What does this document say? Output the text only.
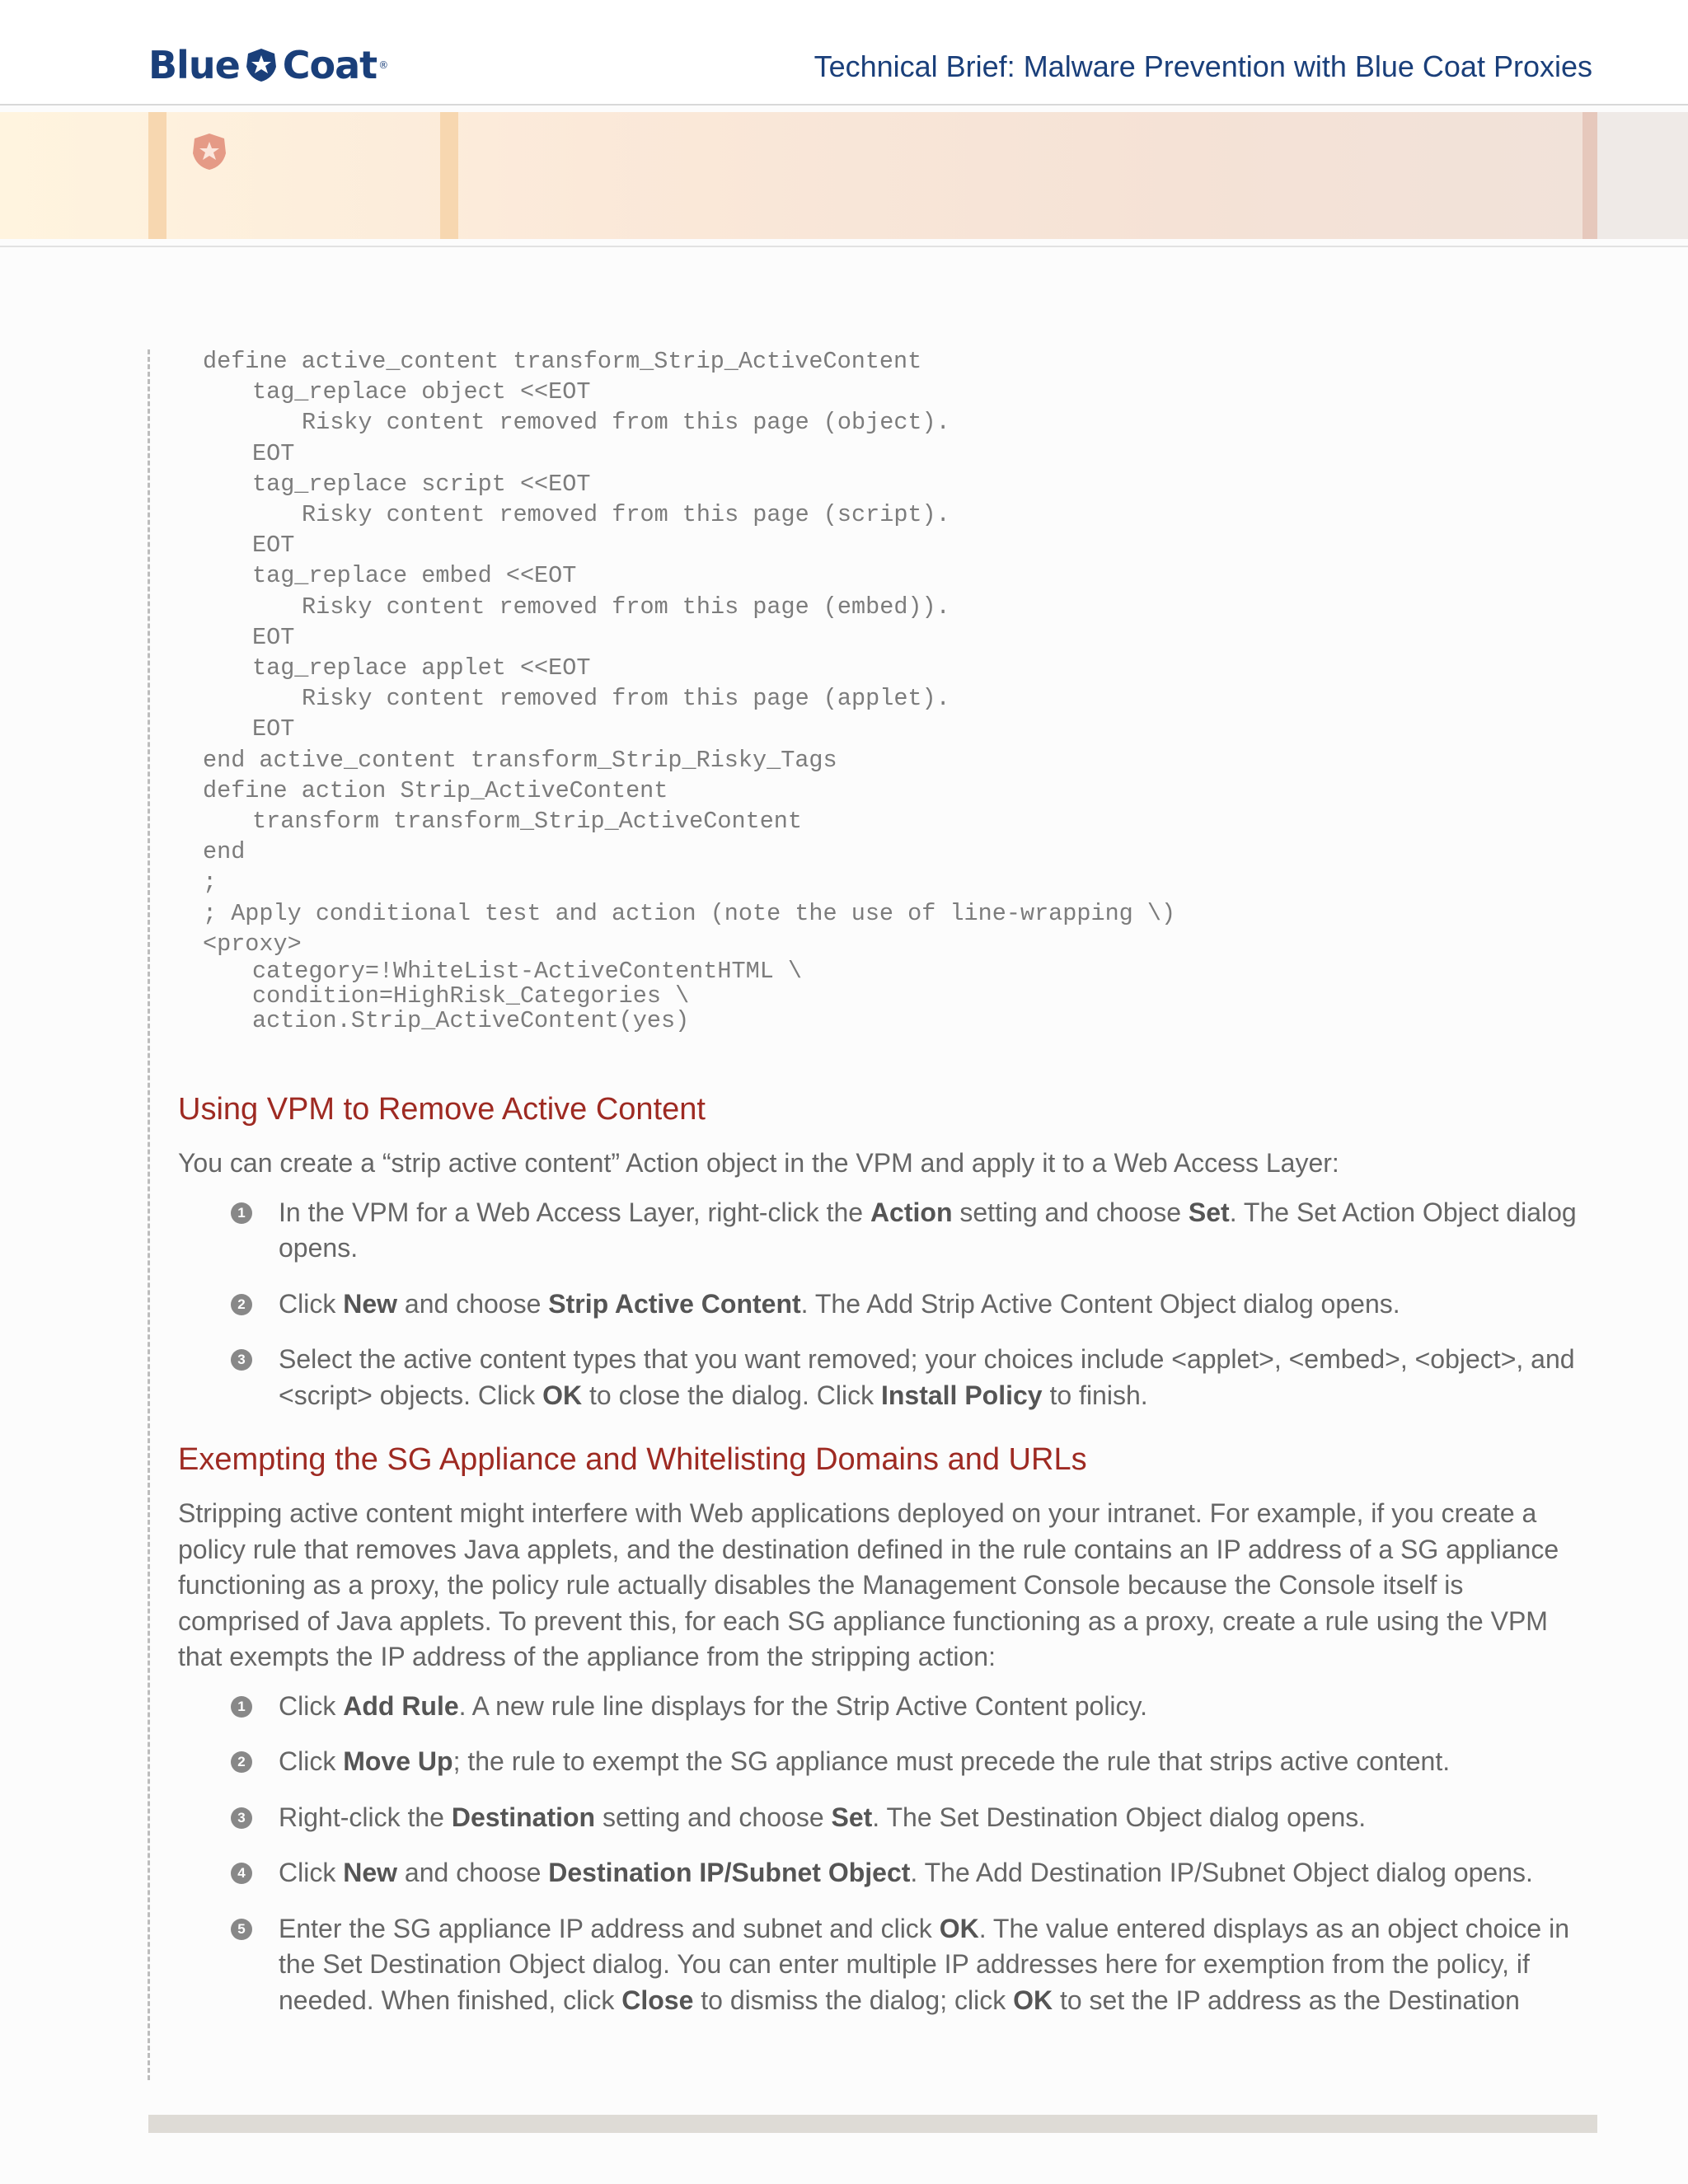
Blue Coat ®	Technical Brief: Malware Prevention with Blue Coat Proxies
define active_content transform_Strip_ActiveContent
tag_replace object <<EOT
Risky content removed from this page (object).
EOT
tag_replace script <<EOT
Risky content removed from this page (script).
EOT
tag_replace embed <<EOT
Risky content removed from this page (embed)).
EOT
tag_replace applet <<EOT
Risky content removed from this page (applet).
EOT
end active_content transform_Strip_Risky_Tags
define action Strip_ActiveContent
transform transform_Strip_ActiveContent
end
;
; Apply conditional test and action (note the use of line-wrapping \)
<proxy>
category=!WhiteList-ActiveContentHTML \
condition=HighRisk_Categories \
action.Strip_ActiveContent(yes)
Using VPM to Remove Active Content

You can create a “strip active content” Action object in the VPM and apply it to a Web Access Layer:

1 In the VPM for a Web Access Layer, right-click the Action setting and choose Set. The Set Action Object dialog opens.
2 Click New and choose Strip Active Content. The Add Strip Active Content Object dialog opens.
3 Select the active content types that you want removed; your choices include <applet>, <embed>, <object>, and <script> objects. Click OK to close the dialog. Click Install Policy to finish.
Exempting the SG Appliance and Whitelisting Domains and URLs

Stripping active content might interfere with Web applications deployed on your intranet. For example, if you create a policy rule that removes Java applets, and the destination defined in the rule contains an IP address of a SG appliance functioning as a proxy, the policy rule actually disables the Management Console because the Console itself is comprised of Java applets. To prevent this, for each SG appliance functioning as a proxy, create a rule using the VPM that exempts the IP address of the appliance from the stripping action:

1 Click Add Rule. A new rule line displays for the Strip Active Content policy.
2 Click Move Up; the rule to exempt the SG appliance must precede the rule that strips active content.
3 Right-click the Destination setting and choose Set. The Set Destination Object dialog opens.
4 Click New and choose Destination IP/Subnet Object. The Add Destination IP/Subnet Object dialog opens.
5 Enter the SG appliance IP address and subnet and click OK. The value entered displays as an object choice in the Set Destination Object dialog. You can enter multiple IP addresses here for exemption from the policy, if needed. When finished, click Close to dismiss the dialog; click OK to set the IP address as the Destination
